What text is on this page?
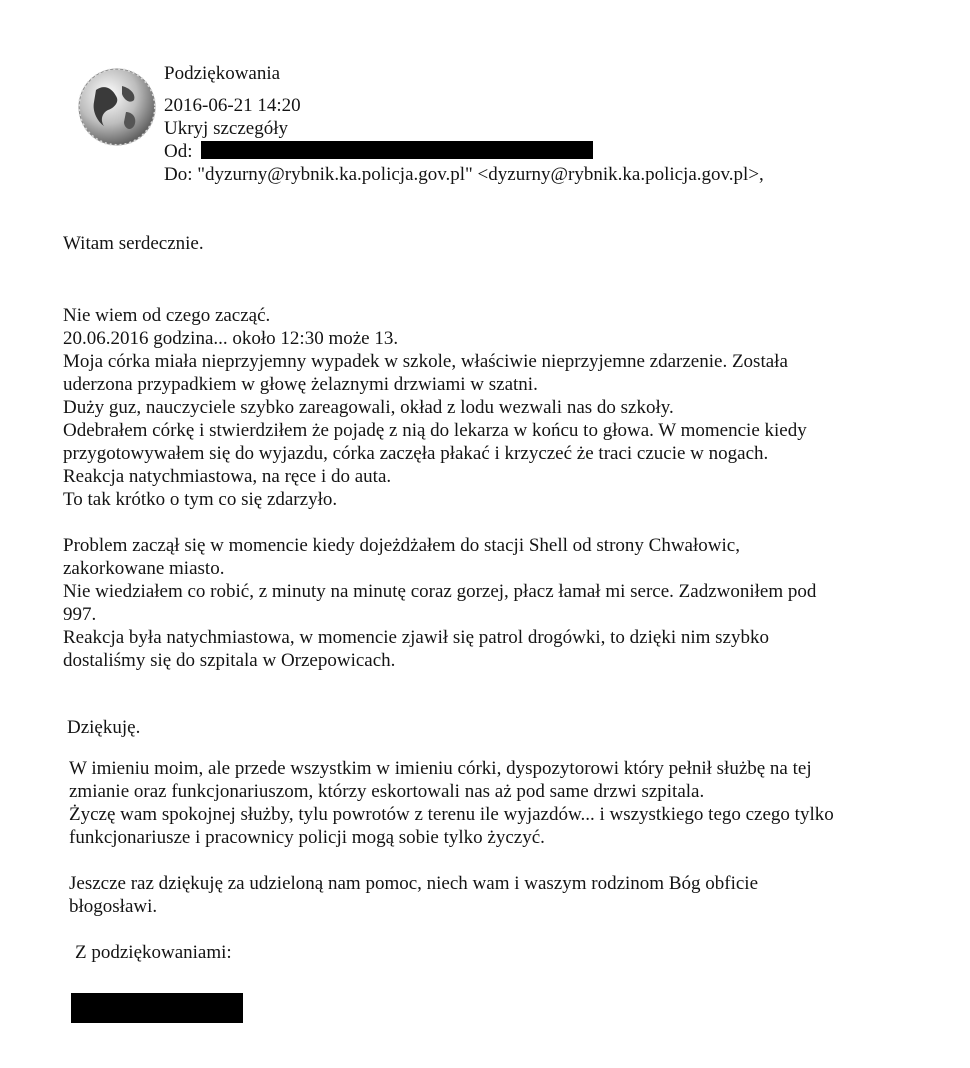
Podziękowania
2016-06-21 14:20
Ukryj szczegóły
Od:
Do: "dyzurny@rybnik.ka.policja.gov.pl" <dyzurny@rybnik.ka.policja.gov.pl>,

Witam serdecznie.

Nie wiem od czego zacząć.
20.06.2016 godzina... około 12:30 może 13.
Moja córka miała nieprzyjemny wypadek w szkole, właściwie nieprzyjemne zdarzenie. Została
uderzona przypadkiem w głowę żelaznymi drzwiami w szatni.
Duży guz, nauczyciele szybko zareagowali, okład z lodu wezwali nas do szkoły.
Odebrałem córkę i stwierdziłem że pojadę z nią do lekarza w końcu to głowa. W momencie kiedy
przygotowywałem się do wyjazdu, córka zaczęła płakać i krzyczeć że traci czucie w nogach.
Reakcja natychmiastowa, na ręce i do auta.
To tak krótko o tym co się zdarzyło.
Problem zaczął się w momencie kiedy dojeżdżałem do stacji Shell od strony Chwałowic,
zakorkowane miasto.
Nie wiedziałem co robić, z minuty na minutę coraz gorzej, płacz łamał mi serce. Zadzwoniłem pod
997.
Reakcja była natychmiastowa, w momencie zjawił się patrol drogówki, to dzięki nim szybko
dostaliśmy się do szpitala w Orzepowicach.
Dziękuję.
W imieniu moim, ale przede wszystkim w imieniu córki, dyspozytorowi który pełnił służbę na tej
zmianie oraz funkcjonariuszom, którzy eskortowali nas aż pod same drzwi szpitala.
Życzę wam spokojnej służby, tylu powrotów z terenu ile wyjazdów... i wszystkiego tego czego tylko
funkcjonariusze i pracownicy policji mogą sobie tylko życzyć.
Jeszcze raz dziękuję za udzieloną nam pomoc, niech wam i waszym rodzinom Bóg obficie
błogosławi.
Z podziękowaniami:
